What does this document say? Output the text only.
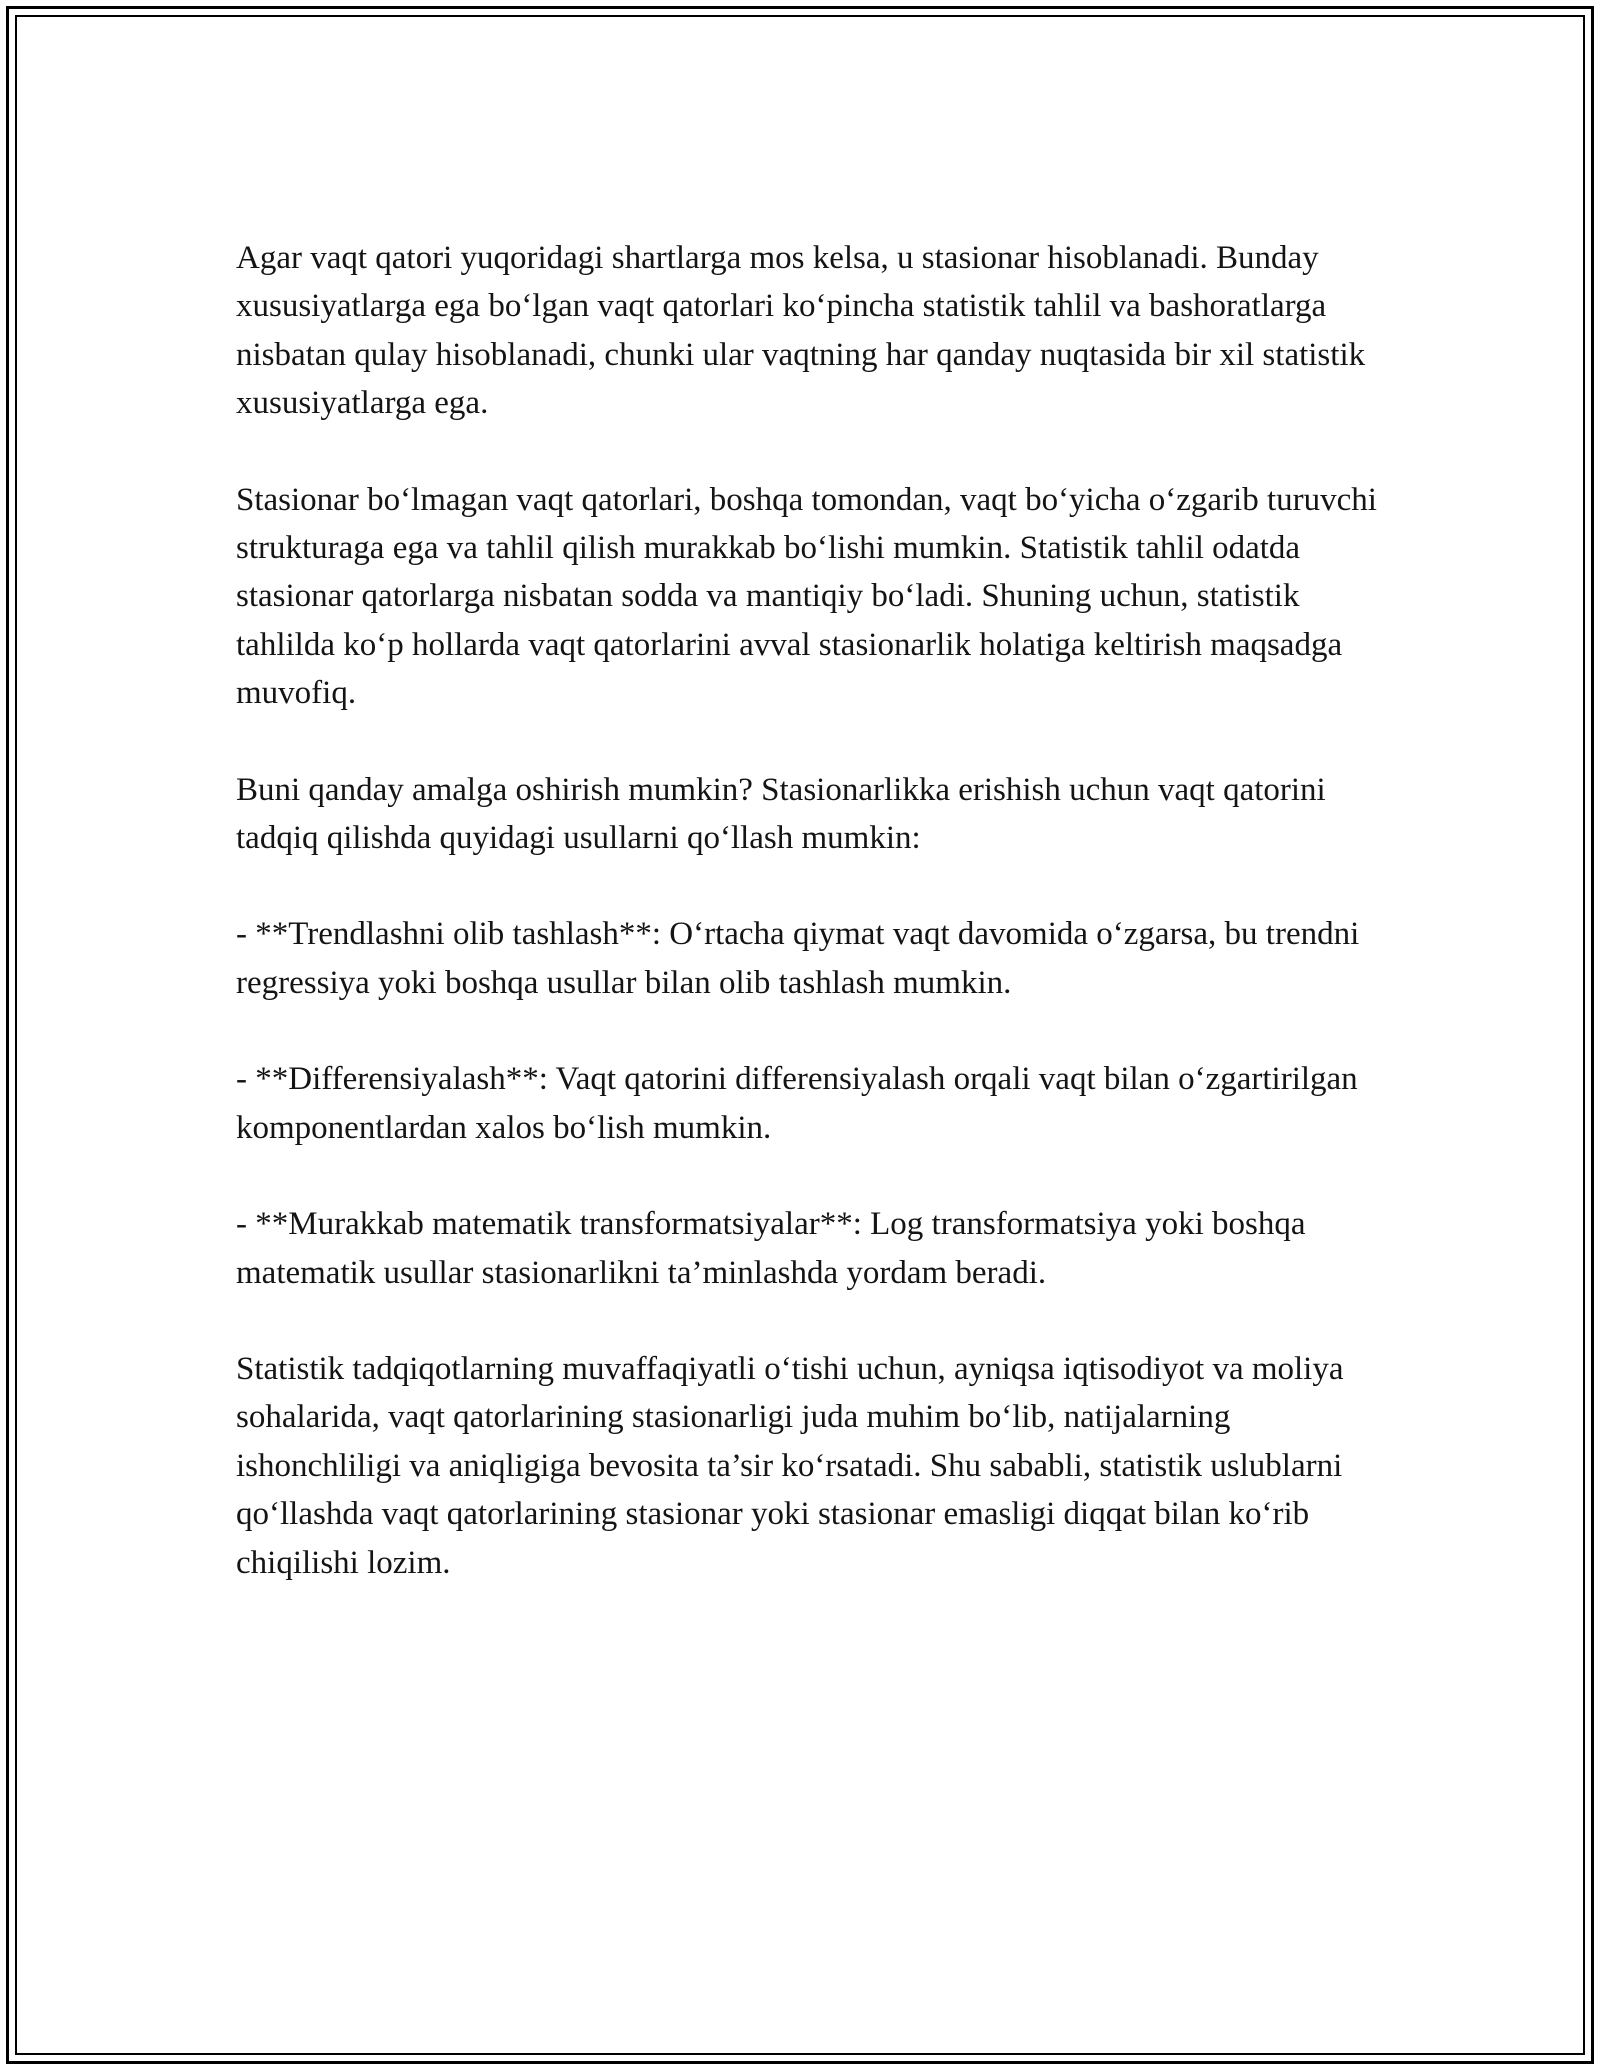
Agar vaqt qatori yuqoridagi shartlarga mos kelsa, u stasionar hisoblanadi. Bunday xususiyatlarga ega bo‘lgan vaqt qatorlari ko‘pincha statistik tahlil va bashoratlarga nisbatan qulay hisoblanadi, chunki ular vaqtning har qanday nuqtasida bir xil statistik xususiyatlarga ega.

Stasionar bo‘lmagan vaqt qatorlari, boshqa tomondan, vaqt bo‘yicha o‘zgarib turuvchi strukturaga ega va tahlil qilish murakkab bo‘lishi mumkin. Statistik tahlil odatda stasionar qatorlarga nisbatan sodda va mantiqiy bo‘ladi. Shuning uchun, statistik tahlilda ko‘p hollarda vaqt qatorlarini avval stasionarlik holatiga keltirish maqsadga muvofiq.

Buni qanday amalga oshirish mumkin? Stasionarlikka erishish uchun vaqt qatorini tadqiq qilishda quyidagi usullarni qo‘llash mumkin:

- **Trendlashni olib tashlash**: O‘rtacha qiymat vaqt davomida o‘zgarsa, bu trendni regressiya yoki boshqa usullar bilan olib tashlash mumkin.

- **Differensiyalash**: Vaqt qatorini differensiyalash orqali vaqt bilan o‘zgartirilgan komponentlardan xalos bo‘lish mumkin.

- **Murakkab matematik transformatsiyalar**: Log transformatsiya yoki boshqa matematik usullar stasionarlikni ta’minlashda yordam beradi.

Statistik tadqiqotlarning muvaffaqiyatli o‘tishi uchun, ayniqsa iqtisodiyot va moliya sohalarida, vaqt qatorlarining stasionarligi juda muhim bo‘lib, natijalarning ishonchliligi va aniqligiga bevosita ta’sir ko‘rsatadi. Shu sababli, statistik uslublarni qo‘llashda vaqt qatorlarining stasionar yoki stasionar emasligi diqqat bilan ko‘rib chiqilishi lozim.
